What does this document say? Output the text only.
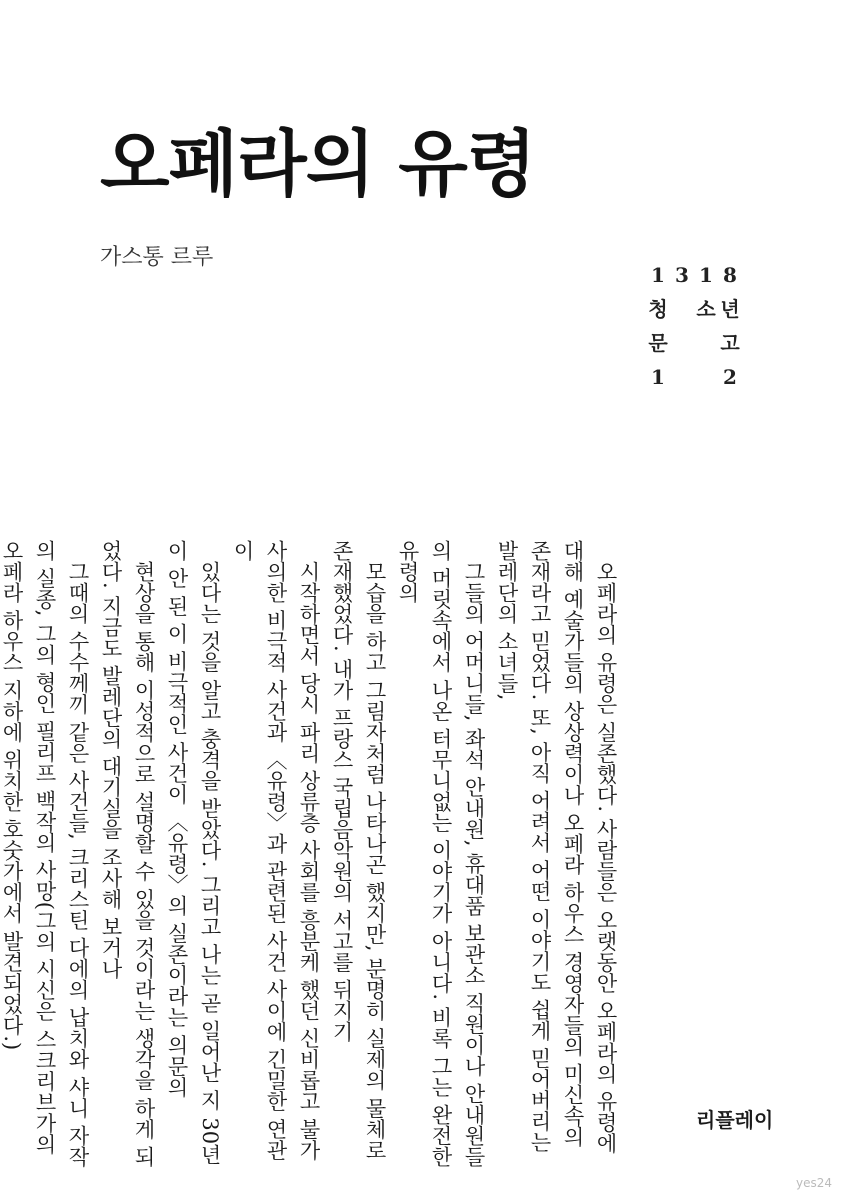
오페라의 유령
가스통 르루
1 3 1 8
청 소 년
문	고
1	2

오페라의 유령은 실존했다. 사람들은 오랫동안 오페라의 유령에 대해 예술가들의 상상력이나 오페라 하우스 경영자들의 미신속의 존재라고 믿었다. 또, 아직 어려서 어떤 이야기도 쉽게 믿어버리는 발레단의 소녀들,

그들의 어머니들, 좌석 안내원, 휴대품 보관소 직원이나 안내원들의 머릿속에서 나온 터무니없는 이야기가 아니다. 비록 그는 완전한 유령의

모습을 하고 그림자처럼 나타나곤 했지만, 분명히 실제의 물체로 존재했었다. 내가 프랑스 국립음악원의 서고를 뒤지기

시작하면서 당시 파리 상류층 사회를 흥분케 했던 신비롭고 불가사의한 비극적 사건과 〈유령〉과 관련된 사건 사이에 긴밀한 연관이

있다는 것을 알고 충격을 받았다. 그리고 나는 곧 일어난 지 30년이 안 된 이 비극적인 사건이 〈유령〉의 실존이라는 의문의

현상을 통해 이성적으로 설명할 수 있을 것이라는 생각을 하게 되었다. 지금도 발레단의 대기실을 조사해 보거나

그때의 수수께끼 같은 사건들, 크리스틴 다에의 납치와 샤니 자작의 실종, 그의 형인 필리프 백작의 사망(그의 시신은 스크리브가의 오페라 하우스 지하에 위치한 호숫가에서 발견되었다.)

리플레이
yes24
